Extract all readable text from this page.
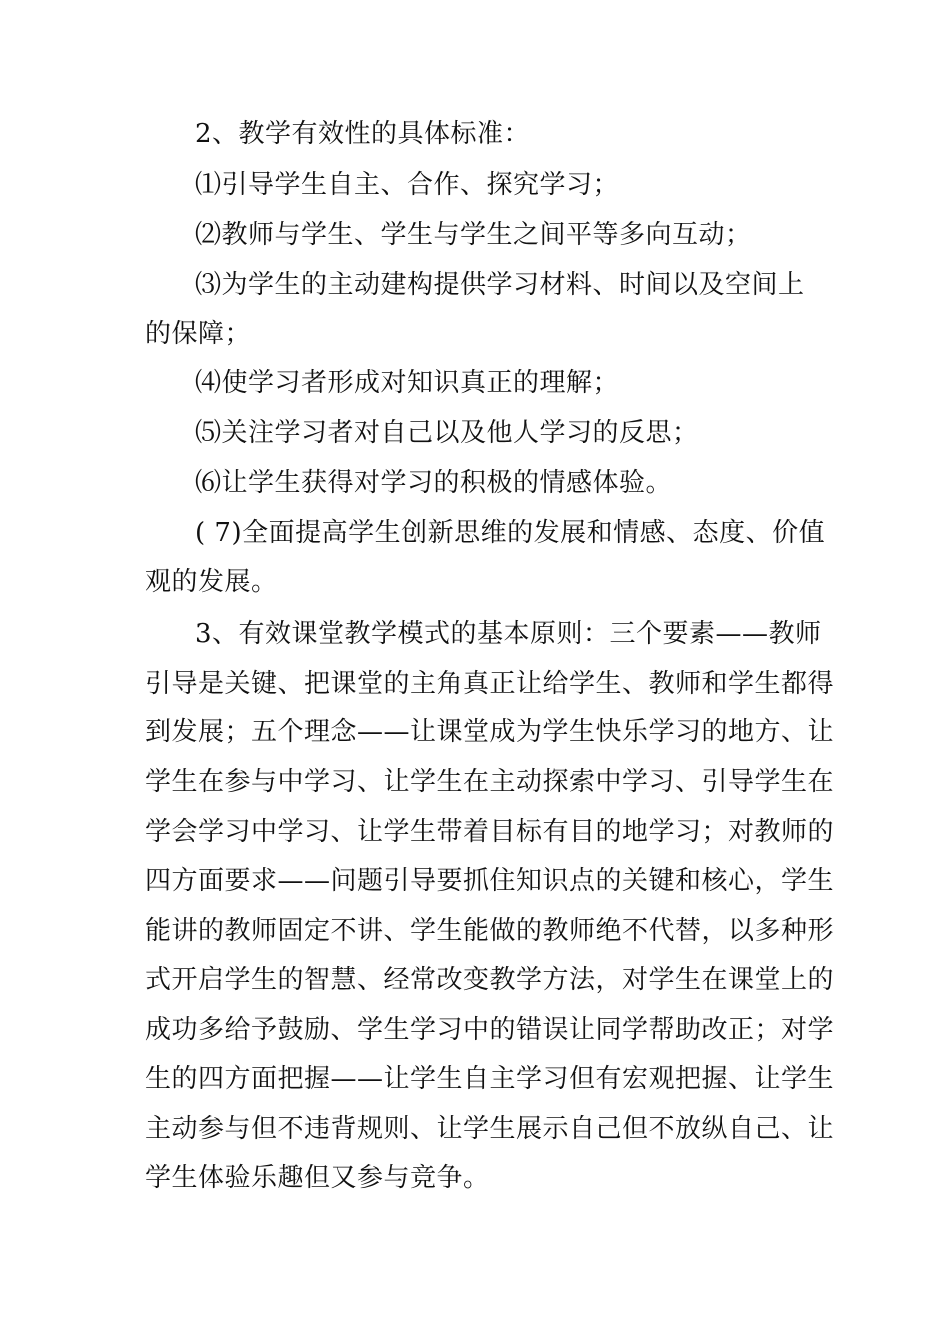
2、教学有效性的具体标准：
⑴引导学生自主、合作、探究学习；
⑵教师与学生、学生与学生之间平等多向互动；
⑶为学生的主动建构提供学习材料、时间以及空间上
的保障；
⑷使学习者形成对知识真正的理解；
⑸关注学习者对自己以及他人学习的反思；
⑹让学生获得对学习的积极的情感体验。
( 7)全面提高学生创新思维的发展和情感、态度、价值
观的发展。
3、有效课堂教学模式的基本原则：三个要素——教师
引导是关键、把课堂的主角真正让给学生、教师和学生都得
到发展；五个理念——让课堂成为学生快乐学习的地方、让
学生在参与中学习、让学生在主动探索中学习、引导学生在
学会学习中学习、让学生带着目标有目的地学习；对教师的
四方面要求——问题引导要抓住知识点的关键和核心，学生
能讲的教师固定不讲、学生能做的教师绝不代替，以多种形
式开启学生的智慧、经常改变教学方法，对学生在课堂上的
成功多给予鼓励、学生学习中的错误让同学帮助改正；对学
生的四方面把握——让学生自主学习但有宏观把握、让学生
主动参与但不违背规则、让学生展示自己但不放纵自己、让
学生体验乐趣但又参与竞争。
